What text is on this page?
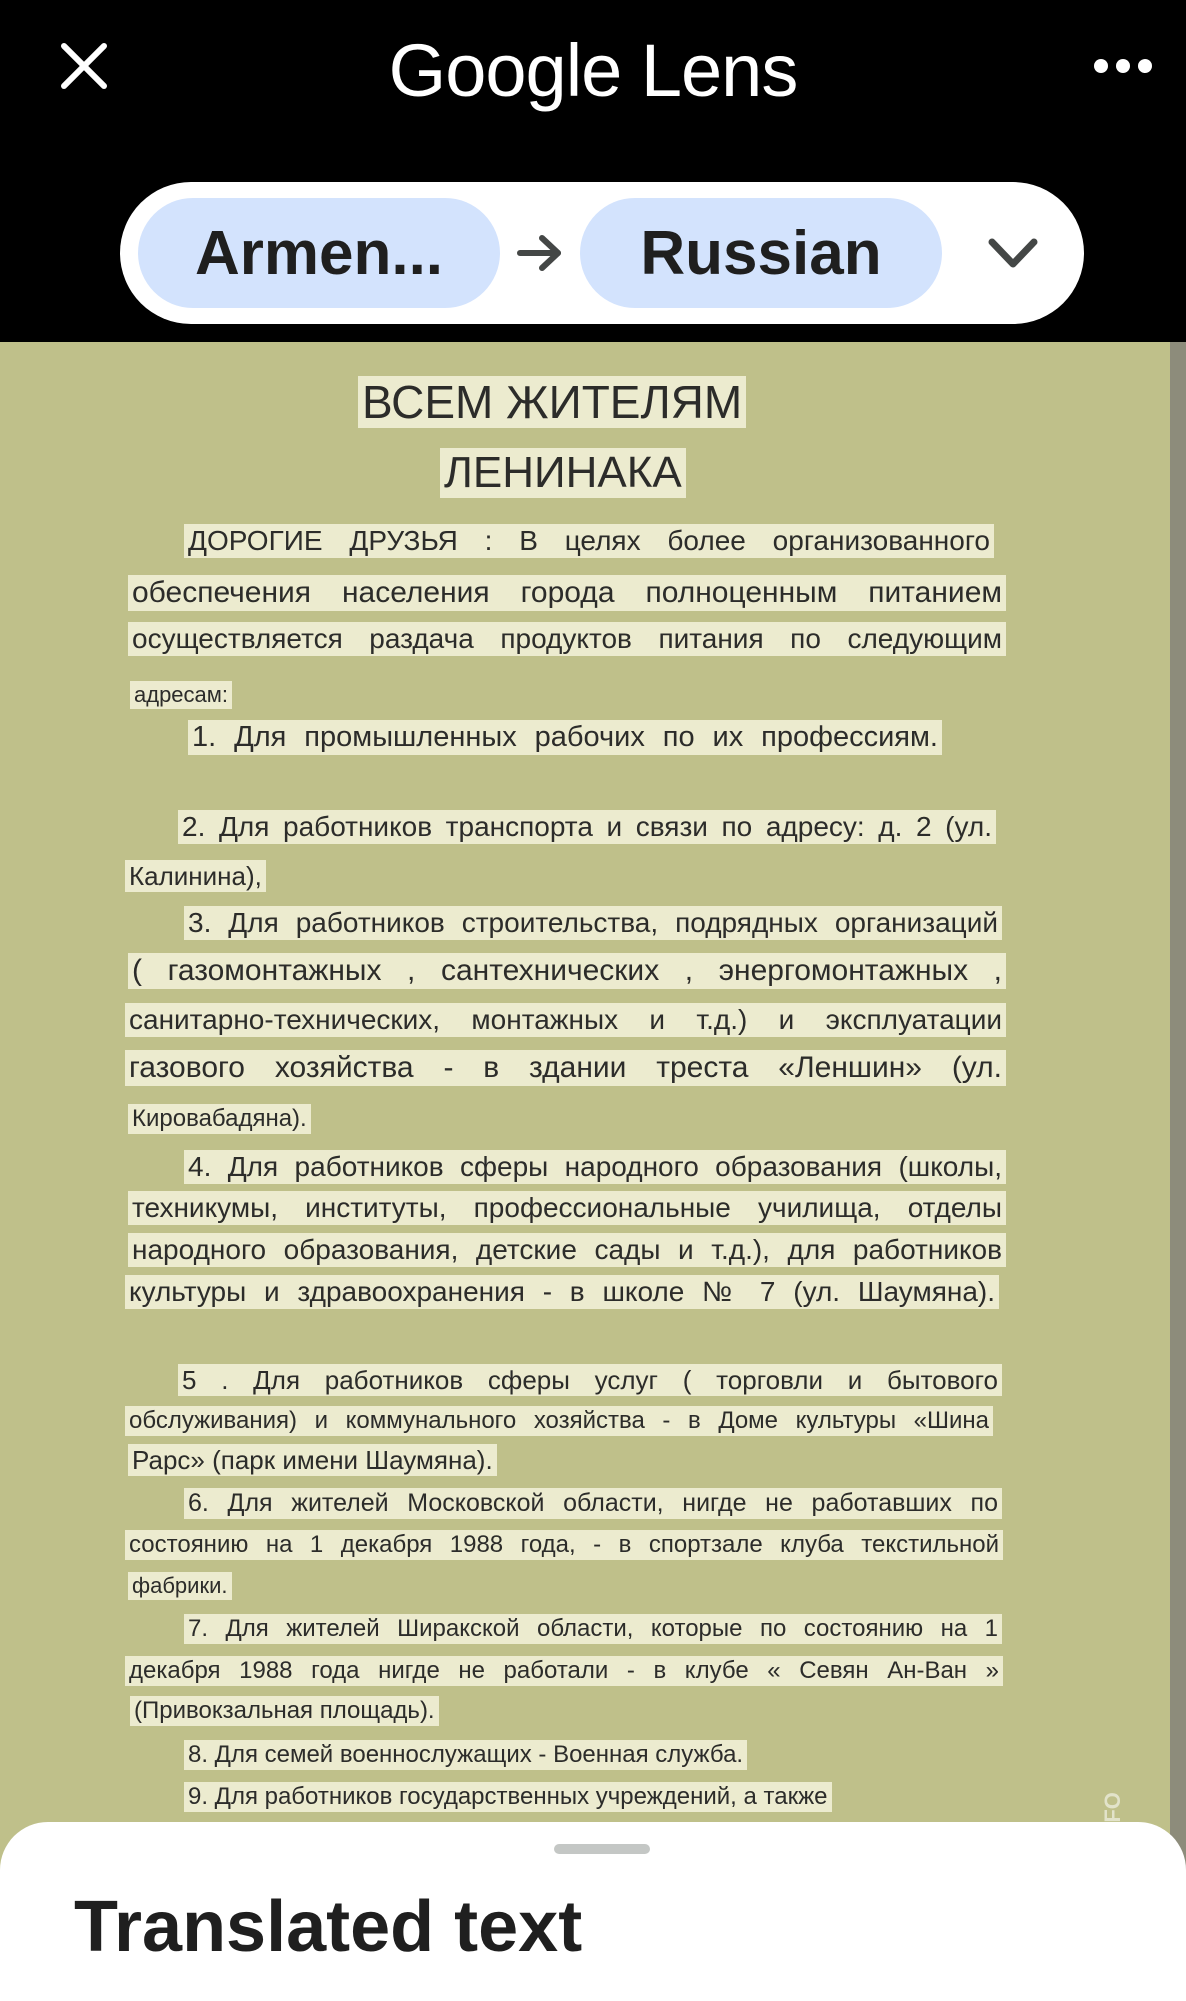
Google Lens
Armen...	Russian
ВСЕМ ЖИТЕЛЯМ
ЛЕНИНАКА
ДОРОГИЕ ДРУЗЬЯ : В целях более организованного
обеспечения населения города полноценным питанием
осуществляется раздача продуктов питания по следующим
адресам:
1. Для промышленных рабочих по их профессиям.
2. Для работников транспорта и связи по адресу: д. 2 (ул.
Калинина),
3. Для работников строительства, подрядных организаций
( газомонтажных , сантехнических , энергомонтажных ,
санитарно-технических, монтажных и т.д.) и эксплуатации
газового хозяйства - в здании треста «Леншин» (ул.
Кировабадяна).
4. Для работников сферы народного образования (школы,
техникумы, институты, профессиональные училища, отделы
народного образования, детские сады и т.д.), для работников
культуры и здравоохранения - в школе № 7 (ул. Шаумяна).
5 . Для работников сферы услуг ( торговли и бытового
обслуживания) и коммунального хозяйства - в Доме культуры «Шина
Рарс» (парк имени Шаумяна).
6. Для жителей Московской области, нигде не работавших по
состоянию на 1 декабря 1988 года, - в спортзале клуба текстильной
фабрики.
7. Для жителей Ширакской области, которые по состоянию на 1
декабря 1988 года нигде не работали - в клубе « Севян Ан-Ван »
(Привокзальная площадь).
8. Для семей военнослужащих - Военная служба.
9. Для работников государственных учреждений, а также
Translated text
